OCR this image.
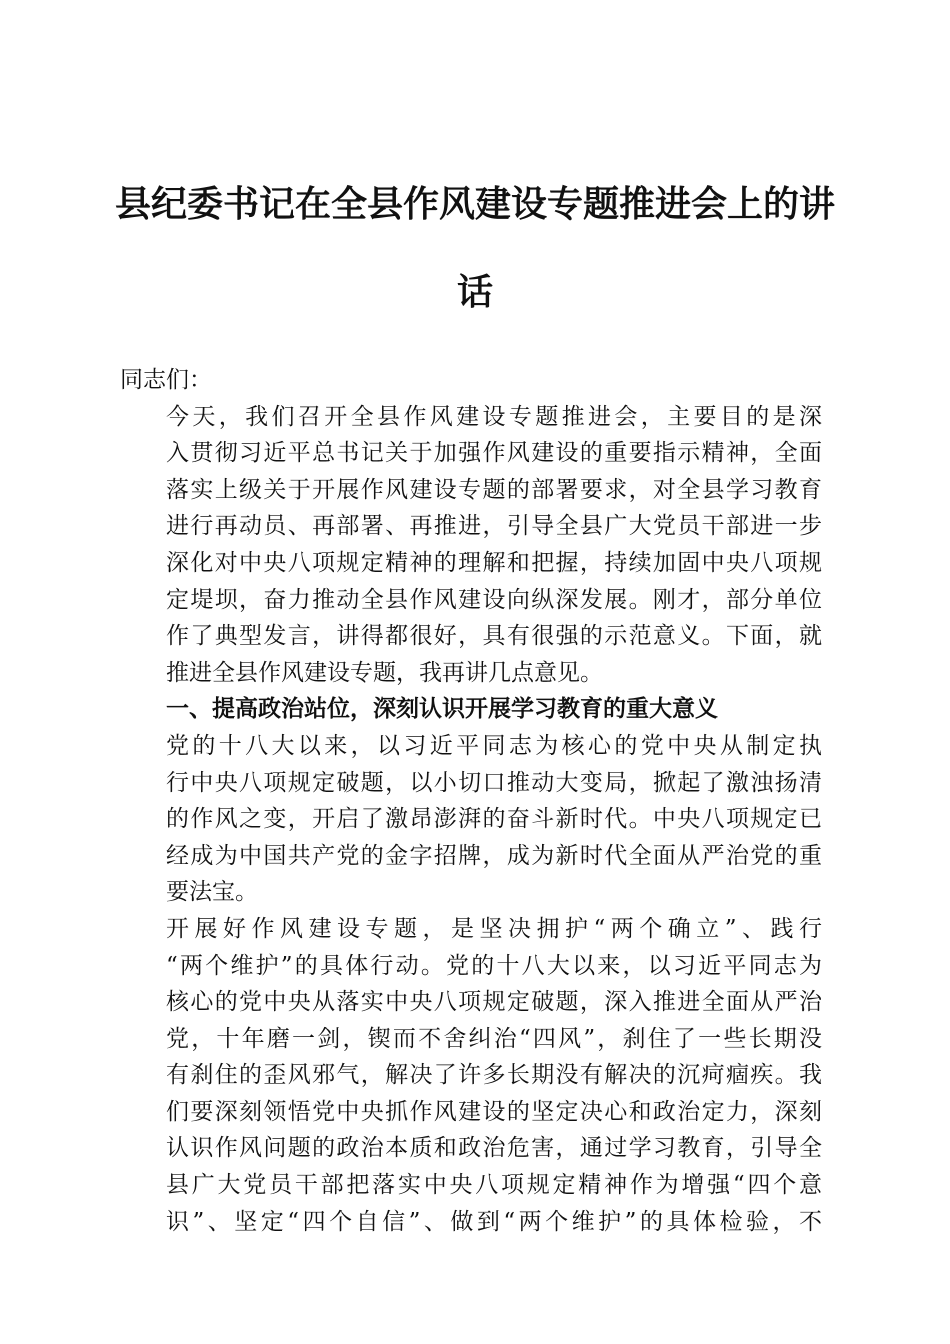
县纪委书记在全县作风建设专题推进会上的讲
话

同志们：

今天，我们召开全县作风建设专题推进会，主要目的是深
入贯彻习近平总书记关于加强作风建设的重要指示精神，全面
落实上级关于开展作风建设专题的部署要求，对全县学习教育
进行再动员、再部署、再推进，引导全县广大党员干部进一步
深化对中央八项规定精神的理解和把握，持续加固中央八项规
定堤坝，奋力推动全县作风建设向纵深发展。刚才，部分单位
作了典型发言，讲得都很好，具有很强的示范意义。下面，就
推进全县作风建设专题，我再讲几点意见。

一、提高政治站位，深刻认识开展学习教育的重大意义

党的十八大以来，以习近平同志为核心的党中央从制定执
行中央八项规定破题，以小切口推动大变局，掀起了激浊扬清
的作风之变，开启了激昂澎湃的奋斗新时代。中央八项规定已
经成为中国共产党的金字招牌，成为新时代全面从严治党的重
要法宝。

开展好作风建设专题，是坚决拥护“两个确立”、践行
“两个维护”的具体行动。党的十八大以来，以习近平同志为
核心的党中央从落实中央八项规定破题，深入推进全面从严治
党，十年磨一剑，锲而不舍纠治“四风”，刹住了一些长期没
有刹住的歪风邪气，解决了许多长期没有解决的沉疴痼疾。我
们要深刻领悟党中央抓作风建设的坚定决心和政治定力，深刻
认识作风问题的政治本质和政治危害，通过学习教育，引导全
县广大党员干部把落实中央八项规定精神作为增强“四个意
识”、坚定“四个自信”、做到“两个维护”的具体检验，不
